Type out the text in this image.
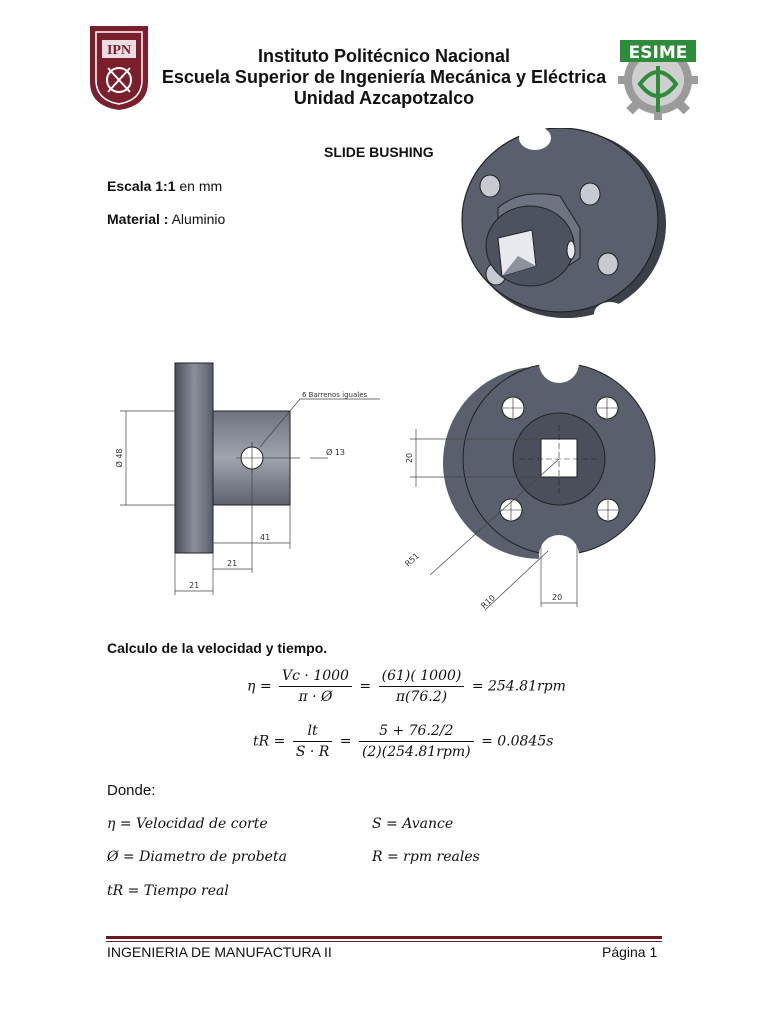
IPN	ESIME
Instituto Politécnico Nacional
Escuela Superior de Ingeniería Mecánica y Eléctrica
Unidad Azcapotzalco
SLIDE BUSHING
Escala 1:1 en mm
Material : Aluminio
Ø 48	Ø 13
6 Barrenos iguales
41
21
21
20
R51
R10	20
Calculo de la velocidad y tiempo.
$\eta = \frac{Vc \cdot 1000}{\pi \cdot Ø} = \frac{(61)( 1000)}{\pi(76.2)} = 254.81rpm$
tR = $\frac{lt}{S \cdot R} = \frac{5 + 76.2/2}{\text{(2)(254.81rpm)}} = 0.0845s$
Donde:
η = Velocidad de corte	S = Avance
Ø = Diametro de probeta	R = rpm reales
tR = Tiempo real
INGENIERIA DE MANUFACTURA II	Página 1
